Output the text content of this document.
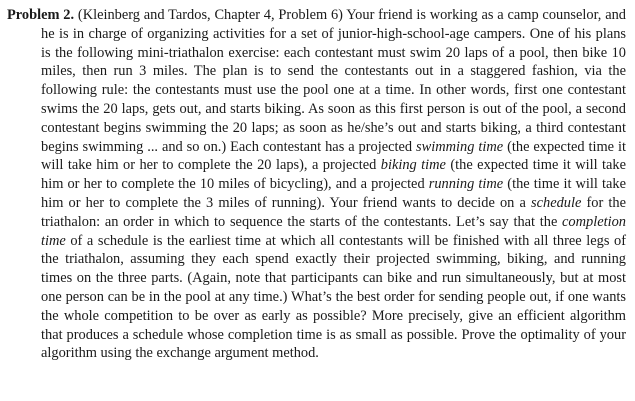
Problem 2. (Kleinberg and Tardos, Chapter 4, Problem 6) Your friend is working as a camp counselor, and he is in charge of organizing activities for a set of junior-high-school-age campers. One of his plans is the following mini-triathalon exercise: each contestant must swim 20 laps of a pool, then bike 10 miles, then run 3 miles. The plan is to send the contestants out in a staggered fashion, via the following rule: the contestants must use the pool one at a time. In other words, first one contestant swims the 20 laps, gets out, and starts biking. As soon as this first person is out of the pool, a second contestant begins swimming the 20 laps; as soon as he/she’s out and starts biking, a third contestant begins swimming ... and so on.) Each contestant has a projected swimming time (the expected time it will take him or her to complete the 20 laps), a projected biking time (the expected time it will take him or her to complete the 10 miles of bicycling), and a projected running time (the time it will take him or her to complete the 3 miles of running). Your friend wants to decide on a schedule for the triathalon: an order in which to sequence the starts of the contestants. Let’s say that the completion time of a schedule is the earliest time at which all contestants will be finished with all three legs of the triathalon, assuming they each spend exactly their projected swimming, biking, and running times on the three parts. (Again, note that participants can bike and run simultaneously, but at most one person can be in the pool at any time.) What’s the best order for sending people out, if one wants the whole competition to be over as early as possible? More precisely, give an efficient algorithm that produces a schedule whose completion time is as small as possible. Prove the optimality of your algorithm using the exchange argument method.
